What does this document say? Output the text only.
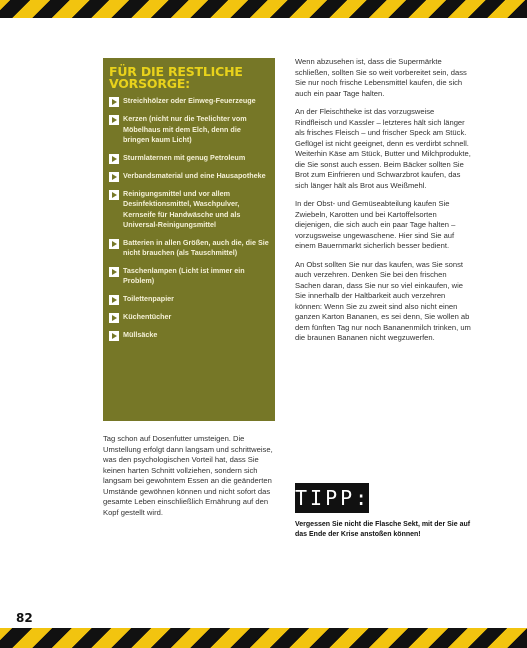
FÜR DIE RESTLICHE VORSORGE:
Streichhölzer oder Einweg-Feuerzeuge
Kerzen (nicht nur die Teelichter vom Möbelhaus mit dem Elch, denn die bringen kaum Licht)
Sturmlaternen mit genug Petroleum
Verbandsmaterial und eine Hausapotheke
Reinigungsmittel und vor allem Desinfektionsmittel, Waschpulver, Kernseife für Handwäsche und als Universal-Reinigungsmittel
Batterien in allen Größen, auch die, die Sie nicht brauchen (als Tauschmittel)
Taschenlampen (Licht ist immer ein Problem)
Toilettenpapier
Küchentücher
Müllsäcke

Tag schon auf Dosenfutter umsteigen. Die Umstellung erfolgt dann langsam und schrittweise, was den psychologischen Vorteil hat, dass Sie keinen harten Schnitt vollziehen, sondern sich langsam bei gewohntem Essen an die geänderten Umstände gewöhnen können und nicht sofort das gesamte Leben einschließlich Ernährung auf den Kopf gestellt wird.

Wenn abzusehen ist, dass die Supermärkte schließen, sollten Sie so weit vorbereitet sein, dass Sie nur noch frische Lebensmittel kaufen, die sich auch ein paar Tage halten.

An der Fleischtheke ist das vorzugsweise Rindfleisch und Kassler – letzteres hält sich länger als frisches Fleisch – und frischer Speck am Stück. Geflügel ist nicht geeignet, denn es verdirbt schnell. Weiterhin Käse am Stück, Butter und Milchprodukte, die Sie sonst auch essen. Beim Bäcker sollten Sie Brot zum Einfrieren und Schwarzbrot kaufen, das sich länger hält als Brot aus Weißmehl.

In der Obst- und Gemüseabteilung kaufen Sie Zwiebeln, Karotten und bei Kartoffelsorten diejenigen, die sich auch ein paar Tage halten – vorzugsweise ungewaschene. Hier sind Sie auf einem Bauernmarkt sicherlich besser bedient.

An Obst sollten Sie nur das kaufen, was Sie sonst auch verzehren. Denken Sie bei den frischen Sachen daran, dass Sie nur so viel einkaufen, wie Sie innerhalb der Haltbarkeit auch verzehren können: Wenn Sie zu zweit sind also nicht einen ganzen Karton Bananen, es sei denn, Sie wollen ab dem fünften Tag nur noch Bananenmilch trinken, um die braunen Bananen nicht wegzuwerfen.

TIPP:
Vergessen Sie nicht die Flasche Sekt, mit der Sie auf das Ende der Krise anstoßen können!
82
